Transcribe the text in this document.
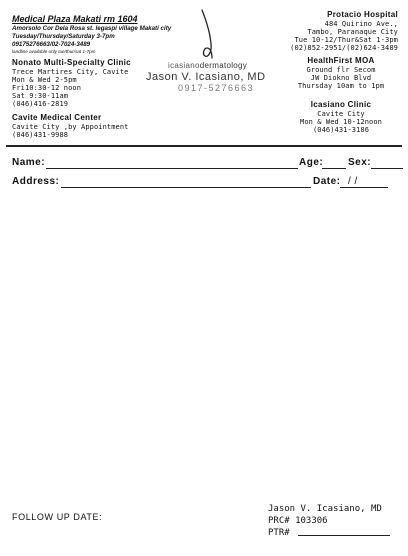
Medical Plaza Makati rm 1604
Amorsolo Cor Dela Rosa st. legaspi village Makati city
Tuesday/Thursday/Saturday 3-7pm
09175276663/02-7024-3489
landline available only tue/thur/sat 1-7pm
Nonato Multi-Specialty Clinic
Trece Martires City, Cavite
Mon & Wed 2-5pm
Fri10:30-12 noon
Sat 9:30-11am
(046)416-2819
Cavite Medical Center
Cavite City ,by Appointment
(046)431-9988
icasianodermatology
Jason V. Icasiano, MD
0917-5276663
Protacio Hospital
484 Quirino Ave.,
Tambo, Paranaque City
Tue 10-12/Thur&Sat 1-3pm
(02)852-2951/(02)624-3489
HealthFirst MOA
Ground flr Secom
JW Diokno Blvd
Thursday 10am to 1pm
Icasiano Clinic
Cavite City
Mon & Wed 10-12noon
(046)431-3186
Name:	Age: Sex:
Address:	Date: / /
FOLLOW UP DATE:
Jason V. Icasiano, MD
PRC# 103306
PTR#
